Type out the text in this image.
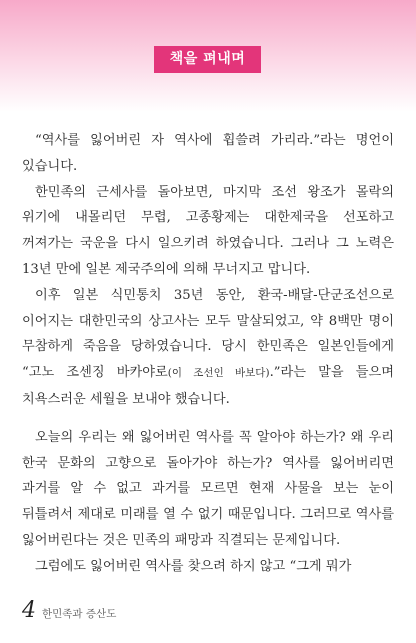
책을 펴내며

“역사를 잃어버린 자 역사에 휩쓸려 가리라.”라는 명언이 있습니다.

한민족의 근세사를 돌아보면, 마지막 조선 왕조가 몰락의 위기에 내몰리던 무렵, 고종황제는 대한제국을 선포하고 꺼져가는 국운을 다시 일으키려 하였습니다. 그러나 그 노력은 13년 만에 일본 제국주의에 의해 무너지고 맙니다.

이후 일본 식민통치 35년 동안, 환국-배달-단군조선으로 이어지는 대한민국의 상고사는 모두 말살되었고, 약 8백만 명이 무참하게 죽음을 당하였습니다. 당시 한민족은 일본인들에게 “고노 조센징 바카야로(이 조선인 바보다).”라는 말을 들으며 치욕스러운 세월을 보내야 했습니다.

오늘의 우리는 왜 잃어버린 역사를 꼭 알아야 하는가? 왜 우리 한국 문화의 고향으로 돌아가야 하는가? 역사를 잃어버리면 과거를 알 수 없고 과거를 모르면 현재 사물을 보는 눈이 뒤틀려서 제대로 미래를 열 수 없기 때문입니다. 그러므로 역사를 잃어버린다는 것은 민족의 패망과 직결되는 문제입니다.

그럼에도 잃어버린 역사를 찾으려 하지 않고 “그게 뭐가

4 한민족과 증산도
